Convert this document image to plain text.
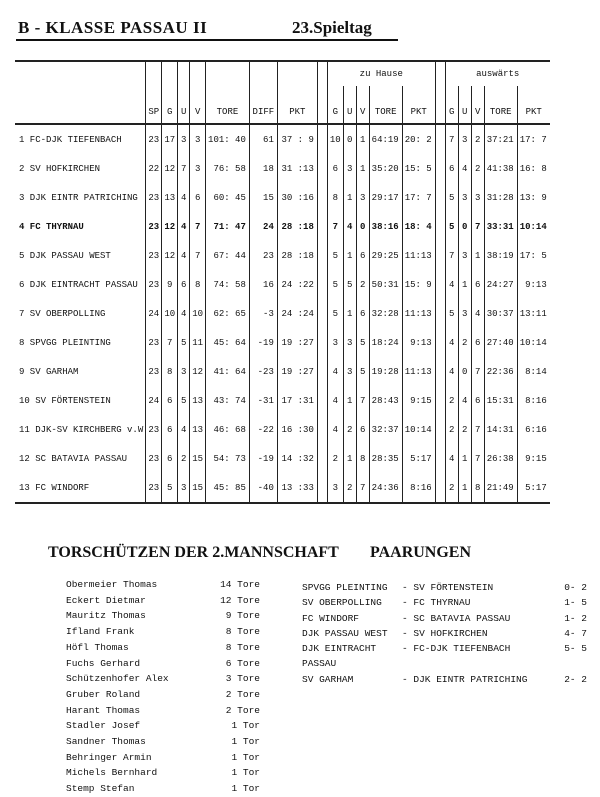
B - KLASSE PASSAU II	23.Spieltag
									zu Hause						auswärts				
	SP	G	U	V	TORE	DIFF	PKT		G	U	V	TORE	PKT		G	U	V	TORE	PKT
1 FC-DJK TIEFENBACH	23	17	3	3	101: 40	61	37 : 9		10	0	1	64:19	20: 2		7	3	2	37:21	17: 7
2 SV HOFKIRCHEN	22	12	7	3	76: 58	18	31 :13		6	3	1	35:20	15: 5		6	4	2	41:38	16: 8
3 DJK EINTR PATRICHING	23	13	4	6	60: 45	15	30 :16		8	1	3	29:17	17: 7		5	3	3	31:28	13: 9
4 FC THYRNAU	23	12	4	7	71: 47	24	28 :18		7	4	0	38:16	18: 4		5	0	7	33:31	10:14
5 DJK PASSAU WEST	23	12	4	7	67: 44	23	28 :18		5	1	6	29:25	11:13		7	3	1	38:19	17: 5
6 DJK EINTRACHT PASSAU	23	9	6	8	74: 58	16	24 :22		5	5	2	50:31	15: 9		4	1	6	24:27	9:13
7 SV OBERPOLLING	24	10	4	10	62: 65	-3	24 :24		5	1	6	32:28	11:13		5	3	4	30:37	13:11
8 SPVGG PLEINTING	23	7	5	11	45: 64	-19	19 :27		3	3	5	18:24	9:13		4	2	6	27:40	10:14
9 SV GARHAM	23	8	3	12	41: 64	-23	19 :27		4	3	5	19:28	11:13		4	0	7	22:36	8:14
10 SV FÖRTENSTEIN	24	6	5	13	43: 74	-31	17 :31		4	1	7	28:43	9:15		2	4	6	15:31	8:16
11 DJK-SV KIRCHBERG v.W	23	6	4	13	46: 68	-22	16 :30		4	2	6	32:37	10:14		2	2	7	14:31	6:16
12 SC BATAVIA PASSAU	23	6	2	15	54: 73	-19	14 :32		2	1	8	28:35	5:17		4	1	7	26:38	9:15
13 FC WINDORF	23	5	3	15	45: 85	-40	13 :33		3	2	7	24:36	8:16		2	1	8	21:49	5:17
TORSCHÜTZEN DER 2.MANNSCHAFT
Obermeier Thomas	14 Tore
Eckert Dietmar	12 Tore
Mauritz Thomas	9 Tore
Ifland Frank	8 Tore
Höfl Thomas	8 Tore
Fuchs Gerhard	6 Tore
Schützenhofer Alex	3 Tore
Gruber Roland	2 Tore
Harant Thomas	2 Tore
Stadler Josef	1 Tor
Sandner Thomas	1 Tor
Behringer Armin	1 Tor
Michels Bernhard	1 Tor
Stemp Stefan	1 Tor
PAARUNGEN
SPVGG PLEINTING	- SV FÖRTENSTEIN	0- 2
SV OBERPOLLING	- FC THYRNAU	1- 5
FC WINDORF	- SC BATAVIA PASSAU	1- 2
DJK PASSAU WEST	- SV HOFKIRCHEN	4- 7
DJK EINTRACHT PASSAU
- FC-DJK TIEFENBACH	5- 5
SV GARHAM	- DJK EINTR PATRICHING	2- 2
